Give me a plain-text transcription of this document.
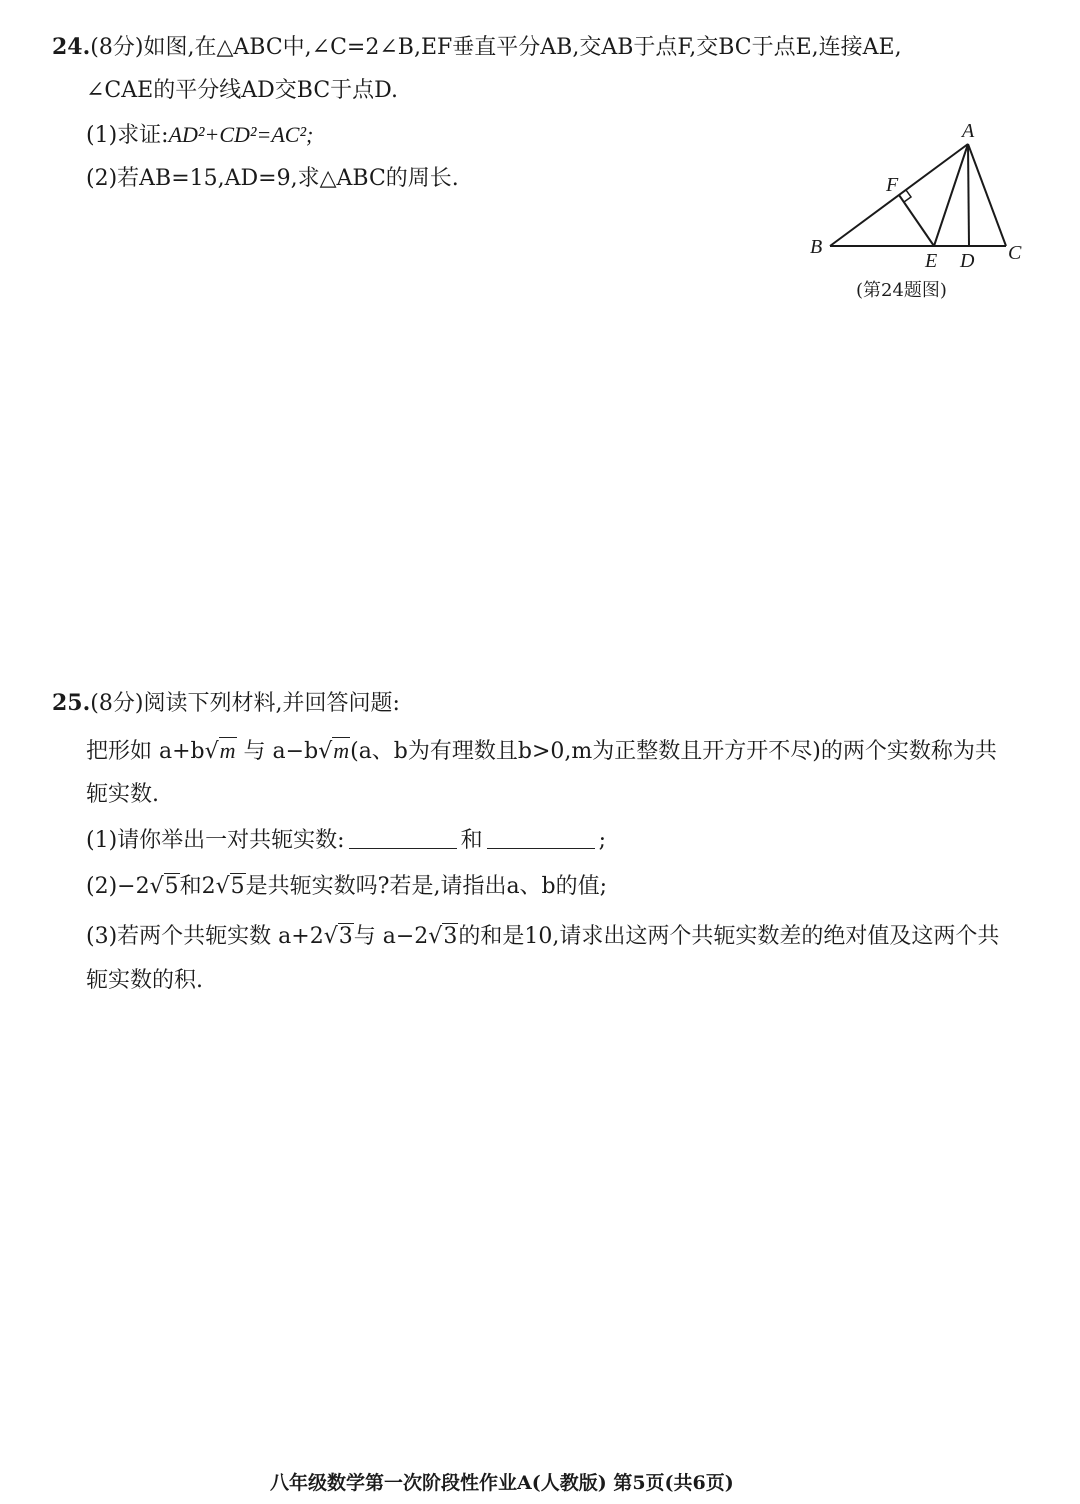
24.(8分)如图,在△ABC中,∠C=2∠B,EF垂直平分AB,交AB于点F,交BC于点E,连接AE,
∠CAE的平分线AD交BC于点D.
(1)求证:AD²+CD²=AC²;
(2)若AB=15,AD=9,求△ABC的周长.
A
B	C
D
E
F
(第24题图)
25.(8分)阅读下列材料,并回答问题:
把形如 a+b√m 与 a−b√m(a、b为有理数且b>0,m为正整数且开方开不尽)的两个实数称为共
轭实数.
(1)请你举出一对共轭实数:	和	;
(2)−2√5和2√5是共轭实数吗?若是,请指出a、b的值;
(3)若两个共轭实数 a+2√3与 a−2√3的和是10,请求出这两个共轭实数差的绝对值及这两个共
轭实数的积.
八年级数学第一次阶段性作业A(人教版) 第5页(共6页)
